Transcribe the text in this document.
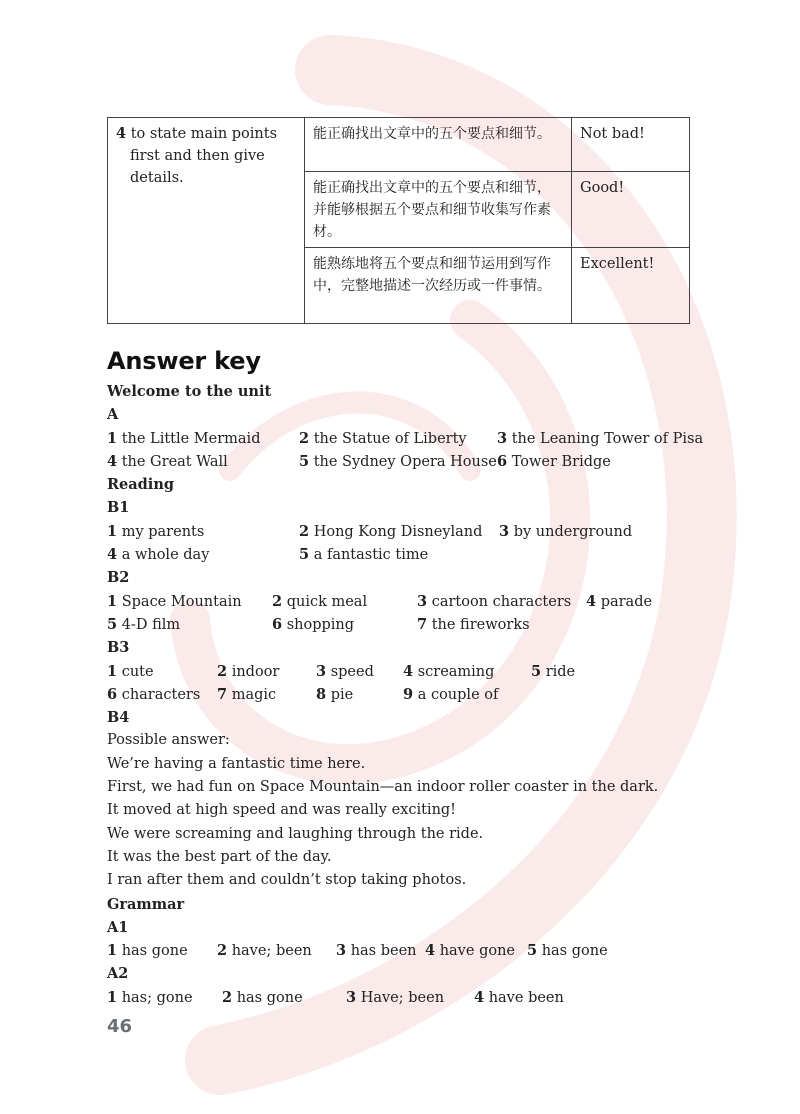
4 to state main points first and then give details.	能正确找出文章中的五个要点和细节。	Not bad!
	能正确找出文章中的五个要点和细节，并能够根据五个要点和细节收集写作素材。	Good!
	能熟练地将五个要点和细节运用到写作中，完整地描述一次经历或一件事情。	Excellent!
Answer key
Welcome to the unit
A
1 the Little Mermaid	2 the Statue of Liberty 3 the Leaning Tower of Pisa
4 the Great Wall	5 the Sydney Opera House 6 Tower Bridge
Reading
B1
1 my parents	2 Hong Kong Disneyland 3 by underground
4 a whole day	5 a fantastic time
B2
1 Space Mountain 2 quick meal	3 cartoon characters 4 parade
5 4-D film	6 shopping	7 the fireworks
B3
1 cute	2 indoor	3 speed 4 screaming	5 ride
6 characters 7 magic	8 pie	9 a couple of
B4
Possible answer:
We’re having a fantastic time here.
First, we had fun on Space Mountain—an indoor roller coaster in the dark.
It moved at high speed and was really exciting!
We were screaming and laughing through the ride.
It was the best part of the day.
I ran after them and couldn’t stop taking photos.
Grammar
A1
1 has gone 2 have; been 3 has been 4 have gone 5 has gone
A2
1 has; gone 2 has gone	3 Have; been 4 have been
46
